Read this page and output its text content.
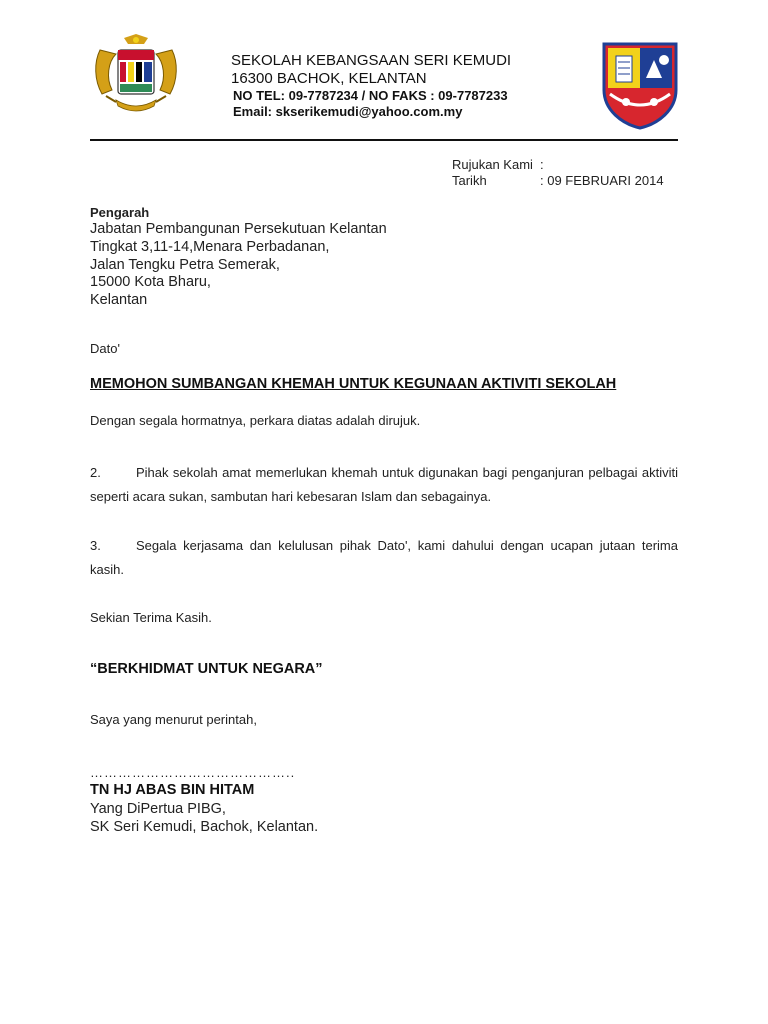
SEKOLAH KEBANGSAAN SERI KEMUDI
16300 BACHOK, KELANTAN
NO TEL: 09-7787234 / NO FAKS : 09-7787233
Email: skserikemudi@yahoo.com.my
Rujukan Kami :
Tarikh	: 09 FEBRUARI 2014
Pengarah
Jabatan Pembangunan Persekutuan Kelantan
Tingkat 3,11-14,Menara Perbadanan,
Jalan Tengku Petra Semerak,
15000 Kota Bharu,
Kelantan
Dato'
MEMOHON SUMBANGAN KHEMAH UNTUK KEGUNAAN AKTIVITI SEKOLAH
Dengan segala hormatnya, perkara diatas adalah dirujuk.
2.	Pihak sekolah amat memerlukan khemah untuk digunakan bagi penganjuran pelbagai aktiviti seperti acara sukan, sambutan hari kebesaran Islam dan sebagainya.
3.	Segala kerjasama dan kelulusan pihak Dato', kami dahului dengan ucapan jutaan terima kasih.
Sekian Terima Kasih.
“BERKHIDMAT UNTUK NEGARA”
Saya yang menurut perintah,
……………………………………..
TN HJ ABAS BIN HITAM
Yang DiPertua PIBG,
SK Seri Kemudi, Bachok, Kelantan.
